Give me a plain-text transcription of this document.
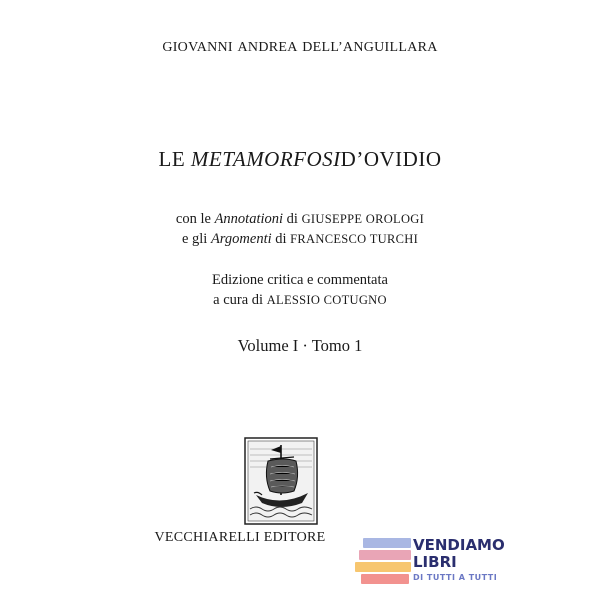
GIOVANNI ANDREA DELL’ANGUILLARA
LE METAMORFOSID’OVIDIO
con le Annotationi di GIUSEPPE OROLOGI
e gli Argomenti di FRANCESCO TURCHI
Edizione critica e commentata
a cura di ALESSIO COTUGNO
Volume I · Tomo 1
VECCHIARELLI EDITORE	VENDIAMO
LIBRI
DI TUTTI A TUTTI
